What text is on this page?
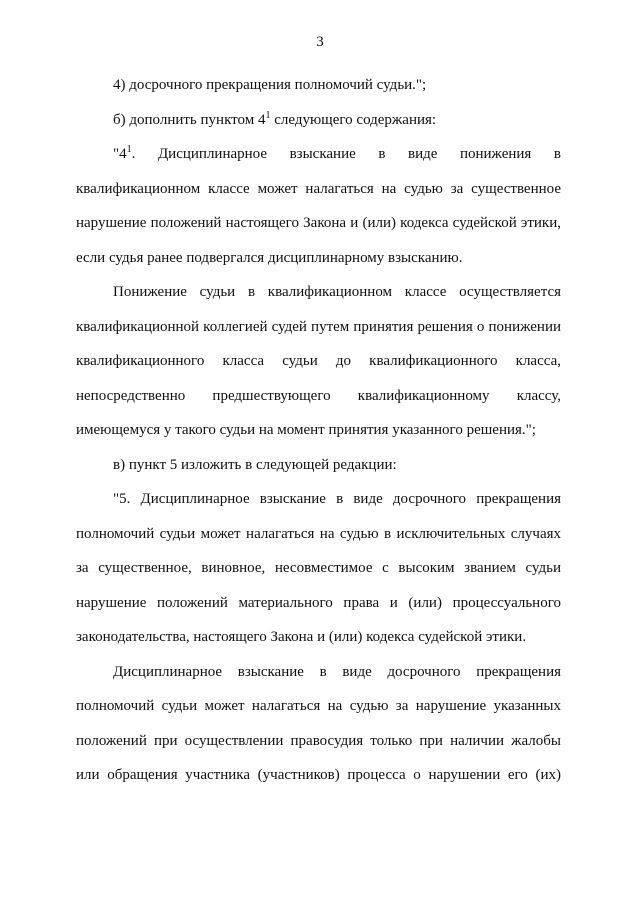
3

4) досрочного прекращения полномочий судьи.";

б) дополнить пунктом $4^1$ следующего содержания:

"$4^1$. Дисциплинарное взыскание в виде понижения в квалификационном классе может налагаться на судью за существенное нарушение положений настоящего Закона и (или) кодекса судейской этики, если судья ранее подвергался дисциплинарному взысканию.

Понижение судьи в квалификационном классе осуществляется квалификационной коллегией судей путем принятия решения о понижении квалификационного класса судьи до квалификационного класса, непосредственно предшествующего квалификационному классу, имеющемуся у такого судьи на момент принятия указанного решения.";

в) пункт 5 изложить в следующей редакции:

"5. Дисциплинарное взыскание в виде досрочного прекращения полномочий судьи может налагаться на судью в исключительных случаях за существенное, виновное, несовместимое с высоким званием судьи нарушение положений материального права и (или) процессуального законодательства, настоящего Закона и (или) кодекса судейской этики.

Дисциплинарное взыскание в виде досрочного прекращения полномочий судьи может налагаться на судью за нарушение указанных положений при осуществлении правосудия только при наличии жалобы или обращения участника (участников) процесса о нарушении его (их)
